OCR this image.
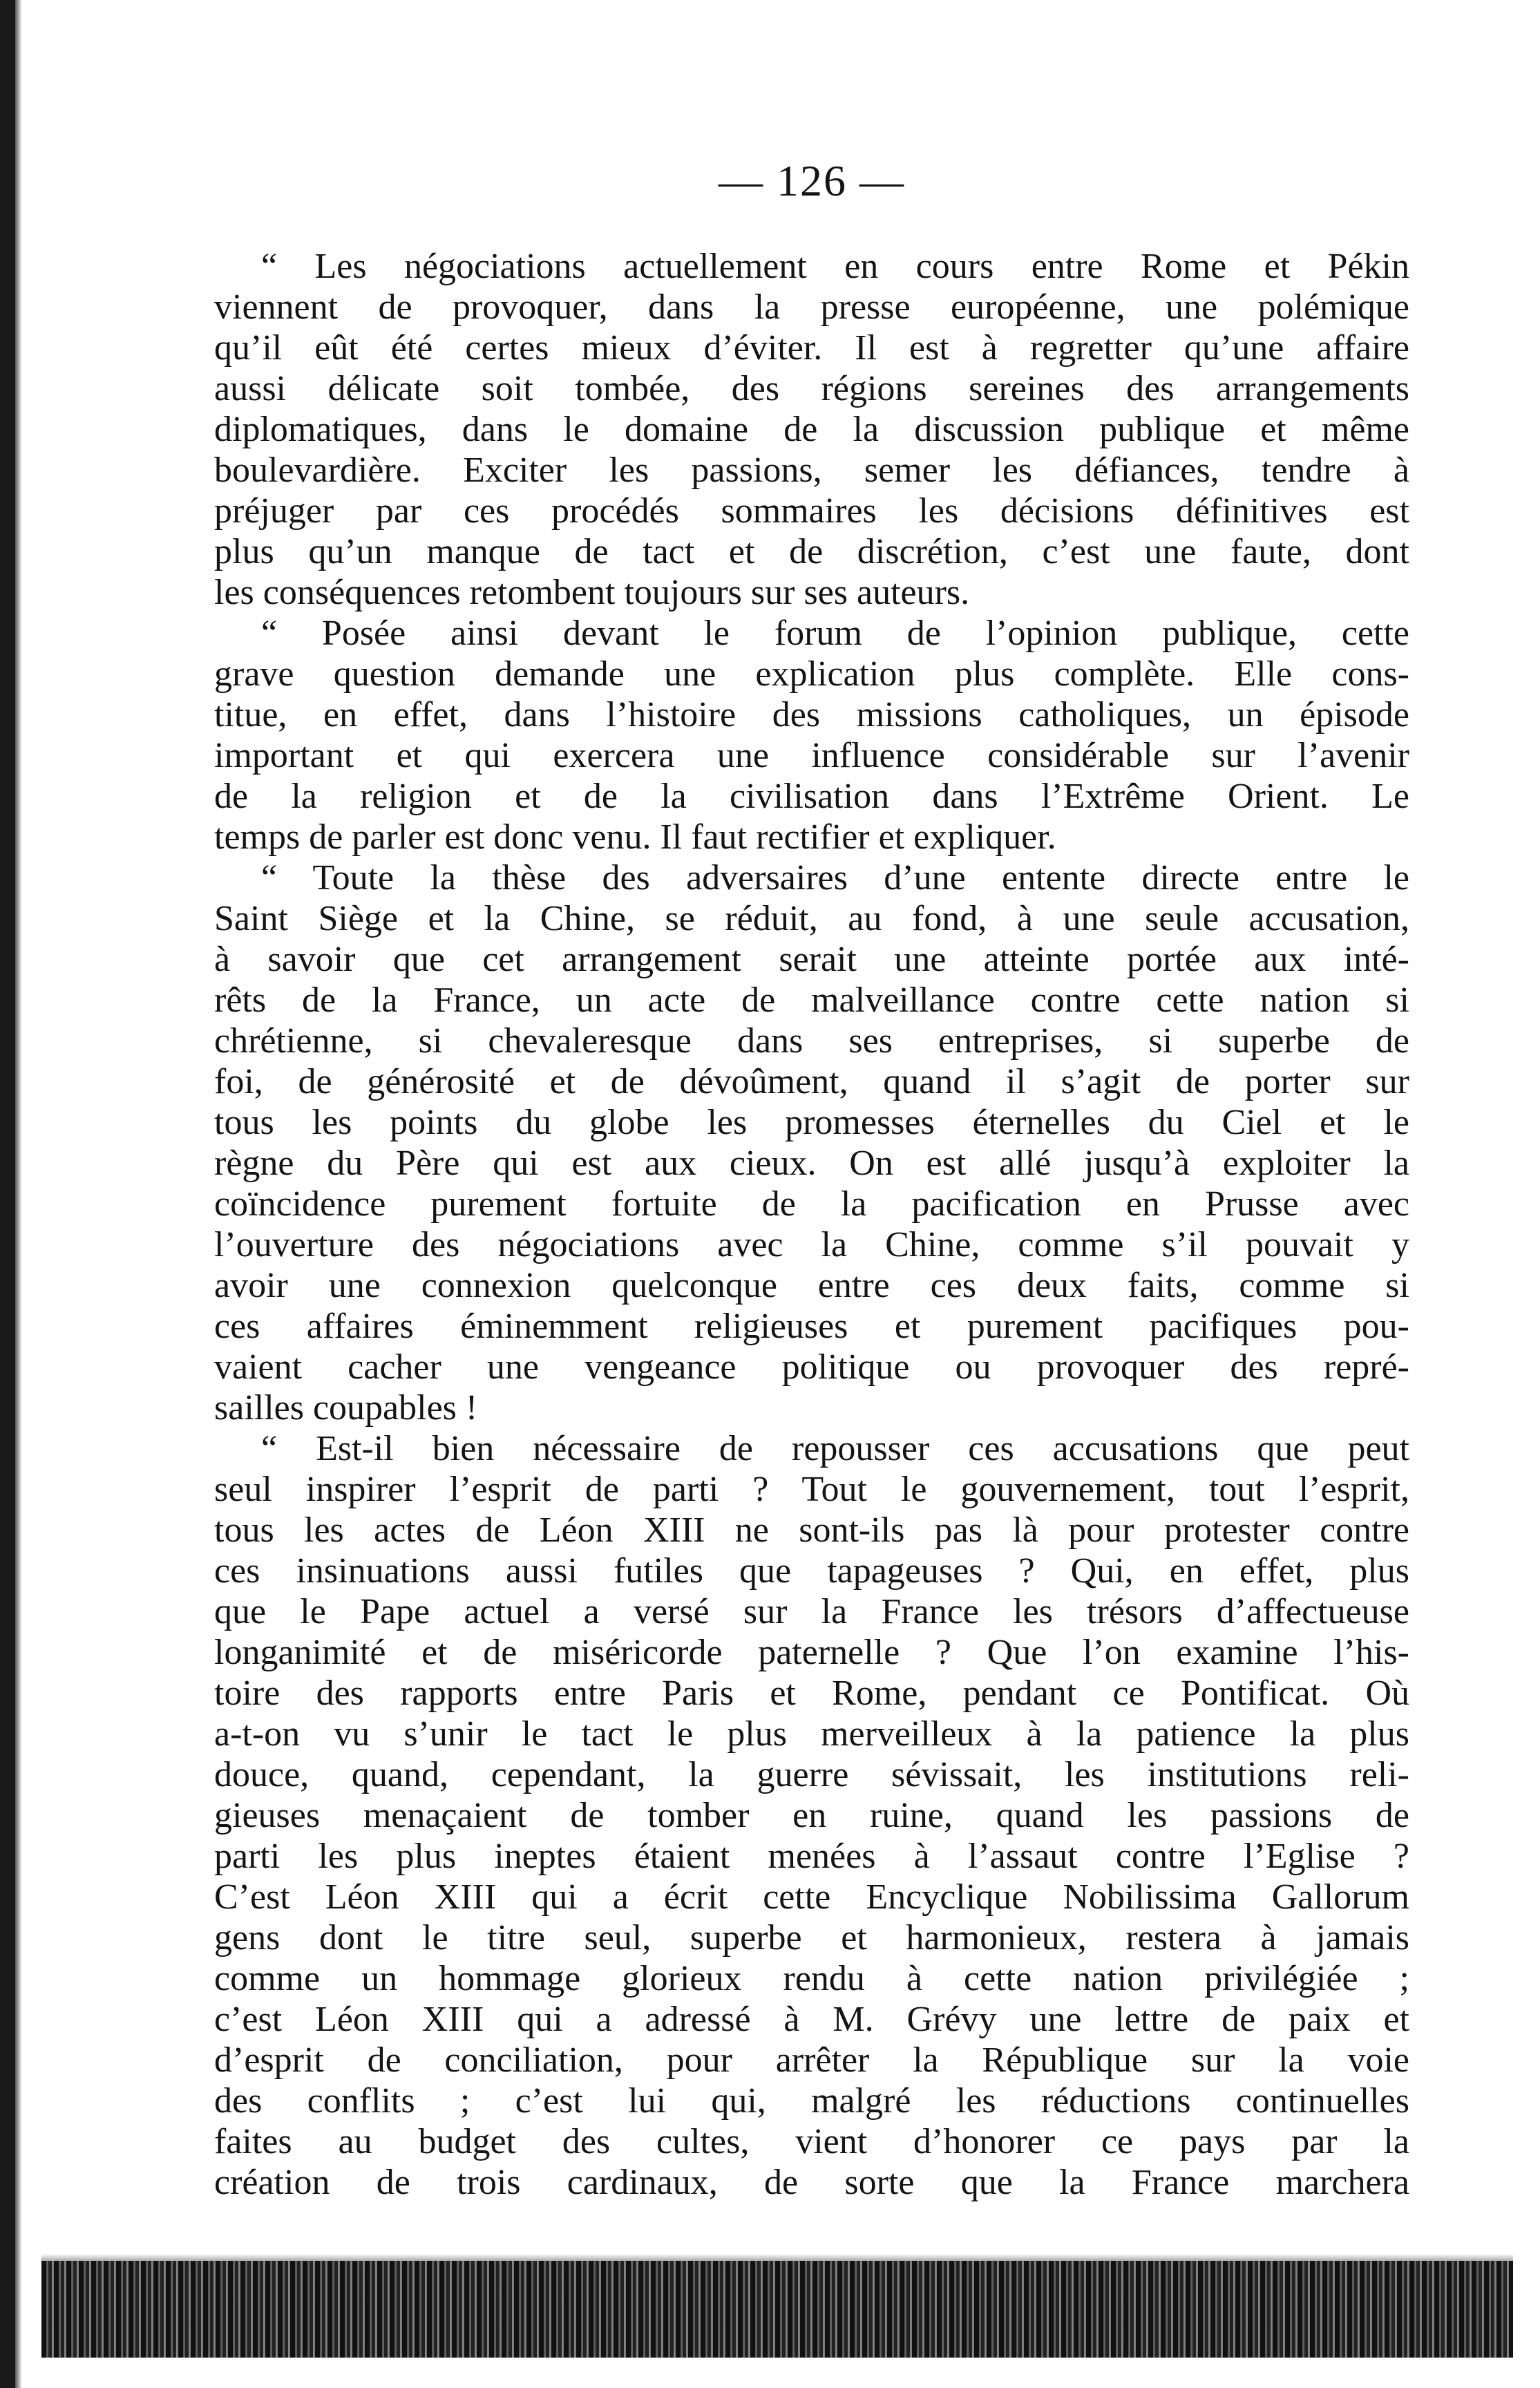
— 126 —
“ Les négociations actuellement en cours entre Rome et Pékin
viennent de provoquer, dans la presse européenne, une polémique
qu’il eût été certes mieux d’éviter. Il est à regretter qu’une affaire
aussi délicate soit tombée, des régions sereines des arrangements
diplomatiques, dans le domaine de la discussion publique et même
boulevardière. Exciter les passions, semer les défiances, tendre à
préjuger par ces procédés sommaires les décisions définitives est
plus qu’un manque de tact et de discrétion, c’est une faute, dont
les conséquences retombent toujours sur ses auteurs.
“ Posée ainsi devant le forum de l’opinion publique, cette
grave question demande une explication plus complète. Elle cons-
titue, en effet, dans l’histoire des missions catholiques, un épisode
important et qui exercera une influence considérable sur l’avenir
de la religion et de la civilisation dans l’Extrême Orient. Le
temps de parler est donc venu. Il faut rectifier et expliquer.
“ Toute la thèse des adversaires d’une entente directe entre le
Saint Siège et la Chine, se réduit, au fond, à une seule accusation,
à savoir que cet arrangement serait une atteinte portée aux inté-
rêts de la France, un acte de malveillance contre cette nation si
chrétienne, si chevaleresque dans ses entreprises, si superbe de
foi, de générosité et de dévoûment, quand il s’agit de porter sur
tous les points du globe les promesses éternelles du Ciel et le
règne du Père qui est aux cieux. On est allé jusqu’à exploiter la
coïncidence purement fortuite de la pacification en Prusse avec
l’ouverture des négociations avec la Chine, comme s’il pouvait y
avoir une connexion quelconque entre ces deux faits, comme si
ces affaires éminemment religieuses et purement pacifiques pou-
vaient cacher une vengeance politique ou provoquer des repré-
sailles coupables !
“ Est-il bien nécessaire de repousser ces accusations que peut
seul inspirer l’esprit de parti ? Tout le gouvernement, tout l’esprit,
tous les actes de Léon XIII ne sont-ils pas là pour protester contre
ces insinuations aussi futiles que tapageuses ? Qui, en effet, plus
que le Pape actuel a versé sur la France les trésors d’affectueuse
longanimité et de miséricorde paternelle ? Que l’on examine l’his-
toire des rapports entre Paris et Rome, pendant ce Pontificat. Où
a-t-on vu s’unir le tact le plus merveilleux à la patience la plus
douce, quand, cependant, la guerre sévissait, les institutions reli-
gieuses menaçaient de tomber en ruine, quand les passions de
parti les plus ineptes étaient menées à l’assaut contre l’Eglise ?
C’est Léon XIII qui a écrit cette Encyclique Nobilissima Gallorum
gens dont le titre seul, superbe et harmonieux, restera à jamais
comme un hommage glorieux rendu à cette nation privilégiée ;
c’est Léon XIII qui a adressé à M. Grévy une lettre de paix et
d’esprit de conciliation, pour arrêter la République sur la voie
des conflits ; c’est lui qui, malgré les réductions continuelles
faites au budget des cultes, vient d’honorer ce pays par la
création de trois cardinaux, de sorte que la France marchera
